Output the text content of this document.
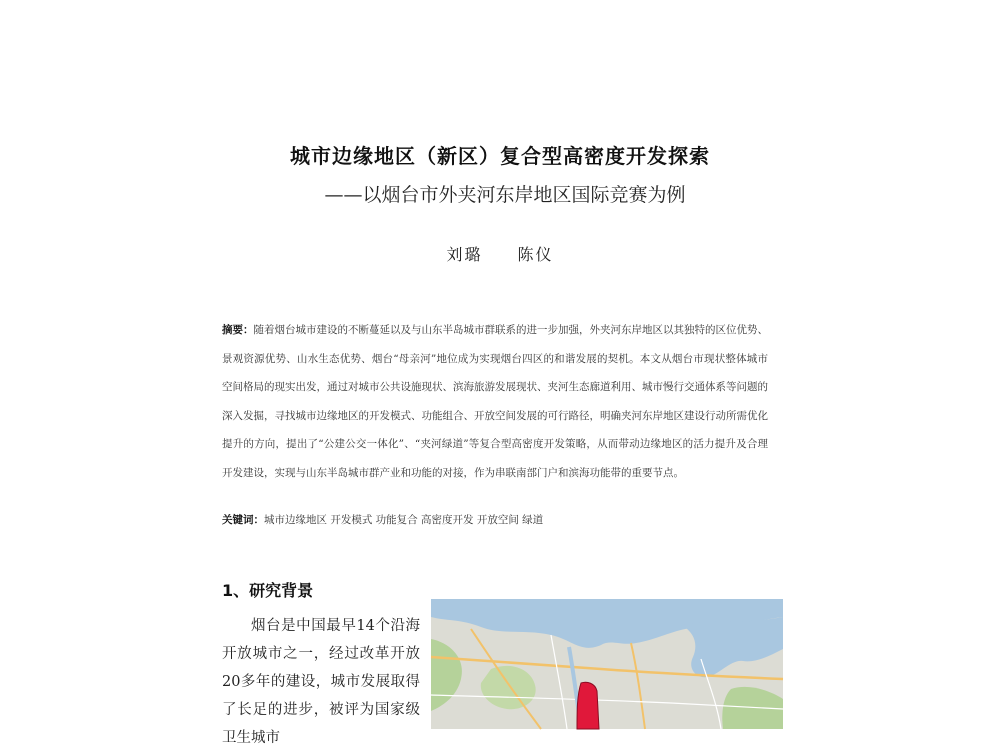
城市边缘地区（新区）复合型高密度开发探索
——以烟台市外夹河东岸地区国际竞赛为例
刘璐 陈仪
摘要：随着烟台城市建设的不断蔓延以及与山东半岛城市群联系的进一步加强，外夹河东岸地区以其独特的区位优势、景观资源优势、山水生态优势、烟台“母亲河”地位成为实现烟台四区的和谐发展的契机。本文从烟台市现状整体城市空间格局的现实出发，通过对城市公共设施现状、滨海旅游发展现状、夹河生态廊道利用、城市慢行交通体系等问题的深入发掘，寻找城市边缘地区的开发模式、功能组合、开放空间发展的可行路径，明确夹河东岸地区建设行动所需优化提升的方向，提出了“公建公交一体化”、“夹河绿道”等复合型高密度开发策略，从而带动边缘地区的活力提升及合理开发建设，实现与山东半岛城市群产业和功能的对接，作为串联南部门户和滨海功能带的重要节点。
关键词：城市边缘地区 开发模式 功能复合 高密度开发 开放空间 绿道
1、研究背景

烟台是中国最早14个沿海开放城市之一，经过改革开放20多年的建设，城市发展取得了长足的进步，被评为国家级卫生城市
